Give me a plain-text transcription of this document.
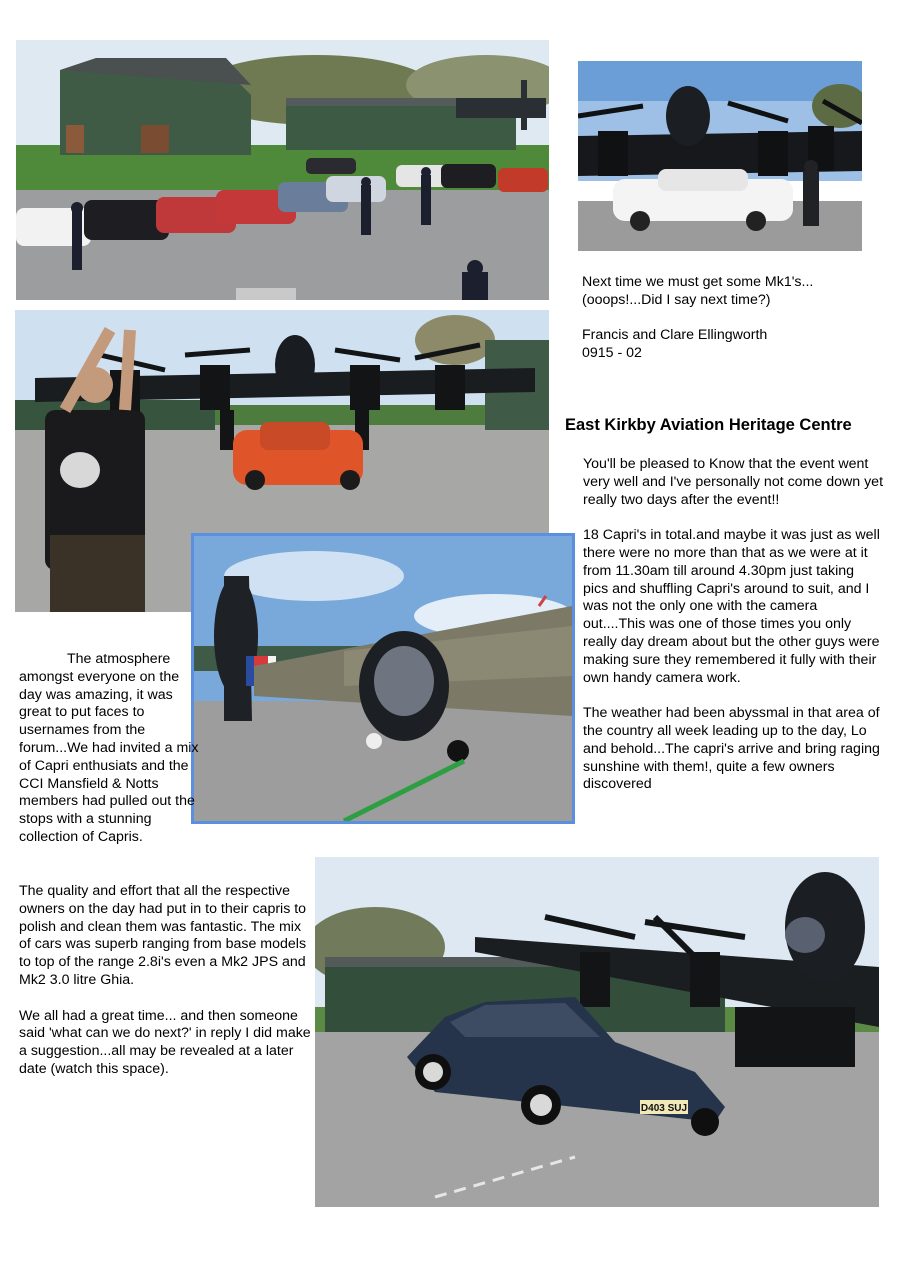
Next time we must get some Mk1's...
(ooops!...Did I say next time?)
Francis and Clare Ellingworth
0915 - 02
East Kirkby Aviation Heritage Centre

You'll be pleased to Know that the event went very well and I've personally not come down yet really two days after the event!!

18 Capri's in total.and maybe it was just as well there were no more than that as we were at it from 11.30am till around 4.30pm just taking pics and shuffling Capri's around to suit, and I was not the only one with the camera out....This was one of those times you only really day dream about but the other guys were making sure they remembered it fully with their own handy camera work.

The weather had been abyssmal in that area of the country all week leading up to the day, Lo and behold...The capri's arrive and bring raging sunshine with them!, quite a few owners discovered

The atmosphere amongst everyone on the day was amazing, it was great to put faces to usernames from the forum...We had invited a mix of Capri enthusiats and the CCI Mansfield & Notts members had pulled out the stops with a stunning collection of Capris.

The quality and effort that all the respective owners on the day had put in to their capris to polish and clean them was fantastic. The mix of cars was superb ranging from base models to top of the range 2.8i's even a Mk2 JPS and Mk2 3.0 litre Ghia.

We all had a great time... and then someone said 'what can we do next?' in reply I did make a suggestion...all may be revealed at a later date (watch this space).

D403 SUJ
